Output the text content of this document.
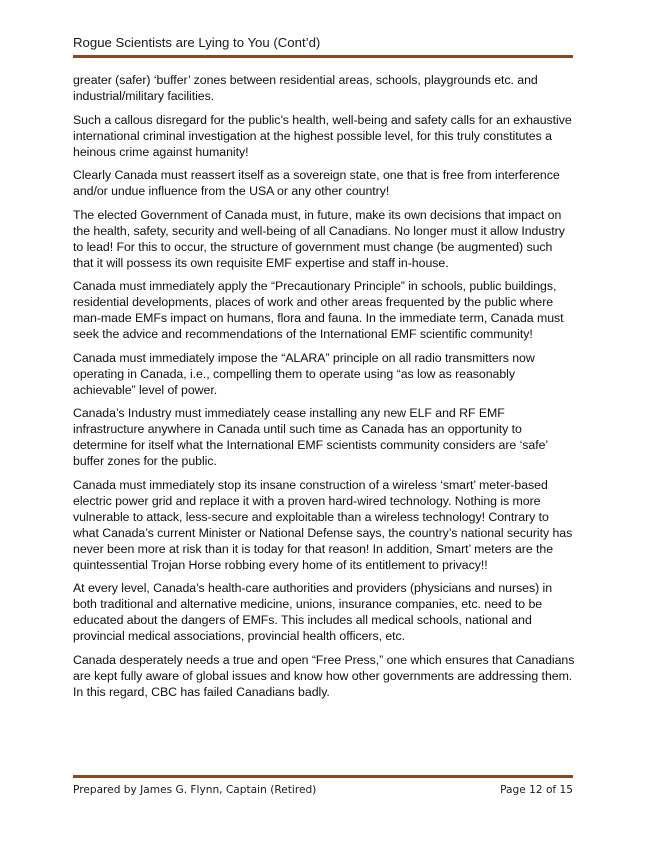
Rogue Scientists are Lying to You (Cont’d)

greater (safer) ‘buffer’ zones between residential areas, schools, playgrounds etc. and industrial/military facilities.

Such a callous disregard for the public’s health, well-being and safety calls for an exhaustive international criminal investigation at the highest possible level, for this truly constitutes a heinous crime against humanity!

Clearly Canada must reassert itself as a sovereign state, one that is free from interference and/or undue influence from the USA or any other country!

The elected Government of Canada must, in future, make its own decisions that impact on the health, safety, security and well-being of all Canadians. No longer must it allow Industry to lead! For this to occur, the structure of government must change (be augmented) such that it will possess its own requisite EMF expertise and staff in-house.

Canada must immediately apply the “Precautionary Principle” in schools, public buildings, residential developments, places of work and other areas frequented by the public where man-made EMFs impact on humans, flora and fauna. In the immediate term, Canada must seek the advice and recommendations of the International EMF scientific community!

Canada must immediately impose the “ALARA” principle on all radio transmitters now operating in Canada, i.e., compelling them to operate using “as low as reasonably achievable” level of power.

Canada’s Industry must immediately cease installing any new ELF and RF EMF infrastructure anywhere in Canada until such time as Canada has an opportunity to determine for itself what the International EMF scientists community considers are ‘safe’ buffer zones for the public.

Canada must immediately stop its insane construction of a wireless ‘smart’ meter-based electric power grid and replace it with a proven hard-wired technology. Nothing is more vulnerable to attack, less-secure and exploitable than a wireless technology! Contrary to what Canada’s current Minister or National Defense says, the country’s national security has never been more at risk than it is today for that reason! In addition, Smart’ meters are the quintessential Trojan Horse robbing every home of its entitlement to privacy!!

At every level, Canada’s health-care authorities and providers (physicians and nurses) in both traditional and alternative medicine, unions, insurance companies, etc. need to be educated about the dangers of EMFs. This includes all medical schools, national and provincial medical associations, provincial health officers, etc.

Canada desperately needs a true and open “Free Press,” one which ensures that Canadians are kept fully aware of global issues and know how other governments are addressing them. In this regard, CBC has failed Canadians badly.

Prepared by James G. Flynn, Captain (Retired)	Page 12 of 15
